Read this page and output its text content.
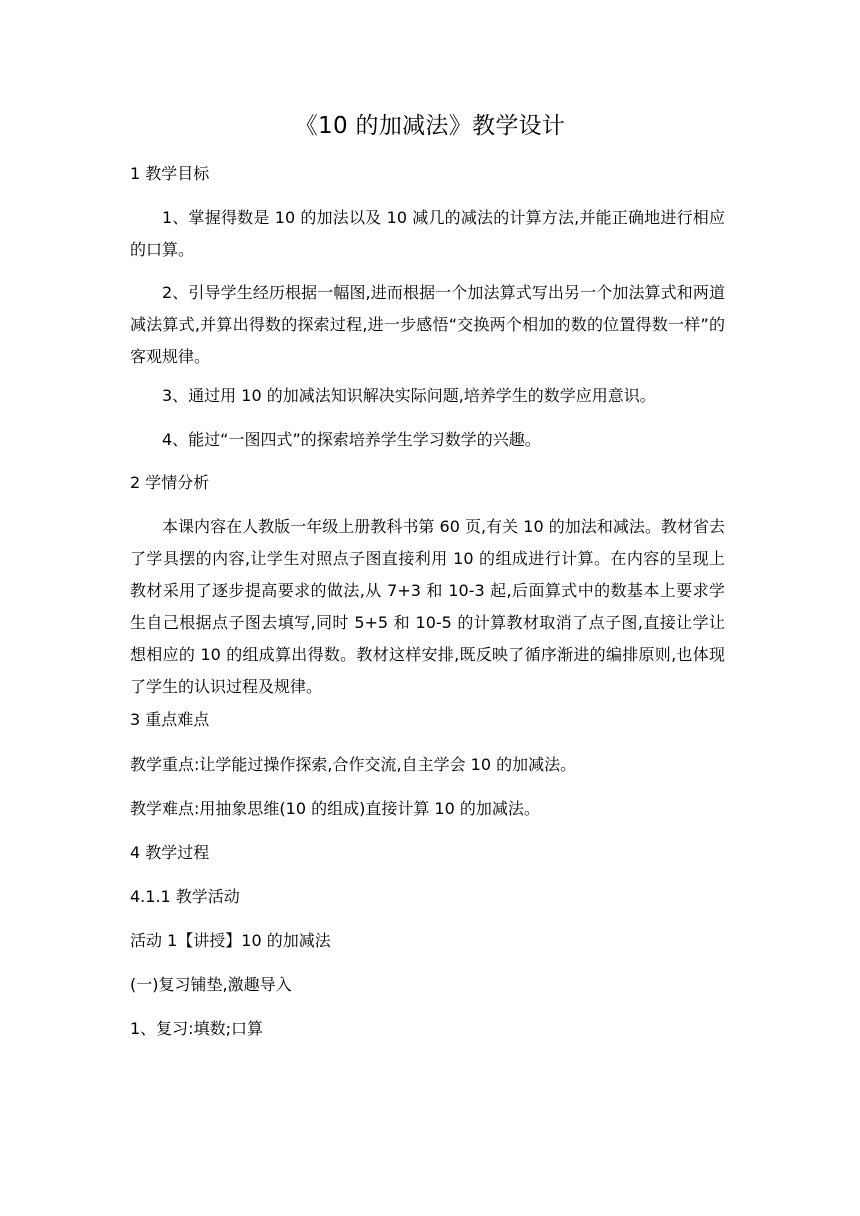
《10 的加减法》教学设计
1 教学目标
1、掌握得数是 10 的加法以及 10 减几的减法的计算方法,并能正确地进行相应的口算。
2、引导学生经历根据一幅图,进而根据一个加法算式写出另一个加法算式和两道减法算式,并算出得数的探索过程,进一步感悟“交换两个相加的数的位置得数一样”的客观规律。
3、通过用 10 的加减法知识解决实际问题,培养学生的数学应用意识。
4、能过“一图四式”的探索培养学生学习数学的兴趣。
2 学情分析
本课内容在人教版一年级上册教科书第 60 页,有关 10 的加法和减法。教材省去了学具摆的内容,让学生对照点子图直接利用 10 的组成进行计算。在内容的呈现上教材采用了逐步提高要求的做法,从 7+3 和 10-3 起,后面算式中的数基本上要求学生自己根据点子图去填写,同时 5+5 和 10-5 的计算教材取消了点子图,直接让学让想相应的 10 的组成算出得数。教材这样安排,既反映了循序渐进的编排原则,也体现了学生的认识过程及规律。
3 重点难点
教学重点:让学能过操作探索,合作交流,自主学会 10 的加减法。
教学难点:用抽象思维(10 的组成)直接计算 10 的加减法。
4 教学过程
4.1.1 教学活动
活动 1【讲授】10 的加减法
(一)复习铺垫,激趣导入
1、复习:填数;口算
